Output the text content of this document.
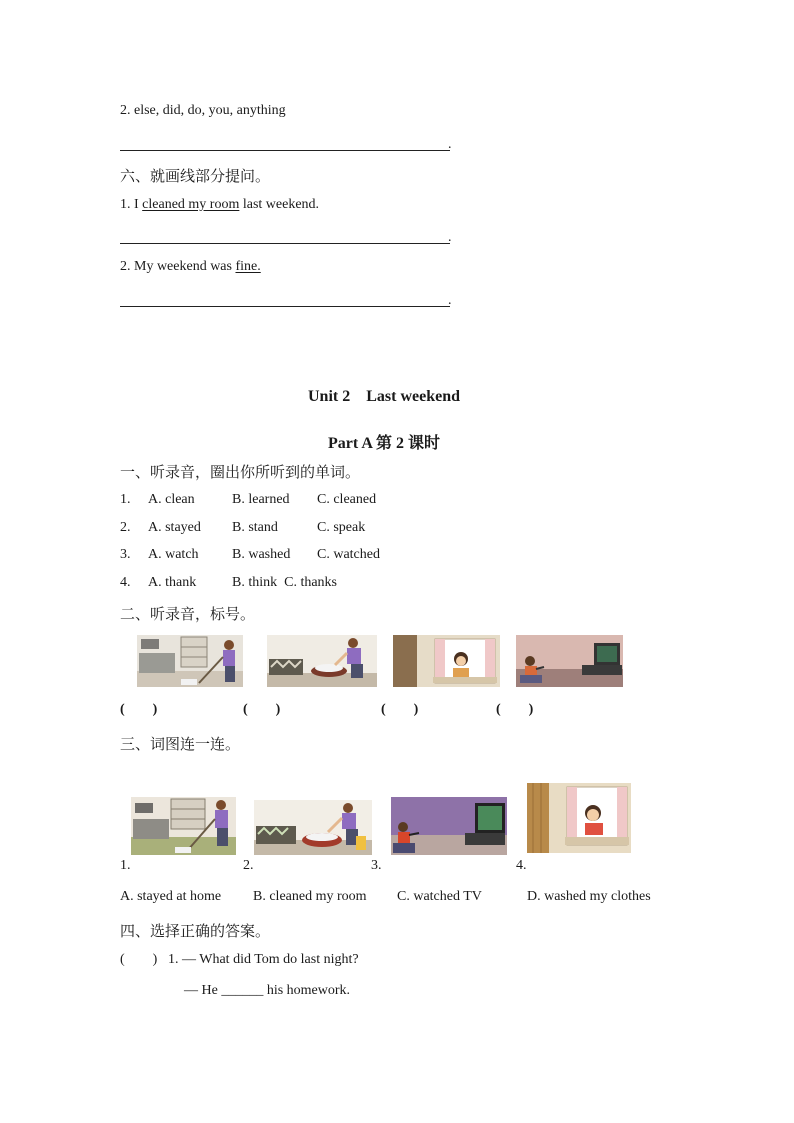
2. else, did, do, you, anything
.
六、就画线部分提问。
1. I cleaned my room last weekend.
.
2. My weekend was fine.
.
Unit 2    Last weekend
Part A 第 2 课时
一、听录音，圈出你所听到的单词。
1. A. clean	B. learned C. cleaned
2. A. stayed B. stand	C. speak
3. A. watch B. washed C. watched
4. A. thank	B. think  C. thanks
二、听录音，标号。
(        )	(        )	(        )	(        )
三、词图连一连。
1.	2.	3.	4.
A. stayed at home B. cleaned my room C. watched TV	D. washed my clothes
四、选择正确的答案。
(        ) 1. — What did Tom do last night?
— He ______ his homework.
